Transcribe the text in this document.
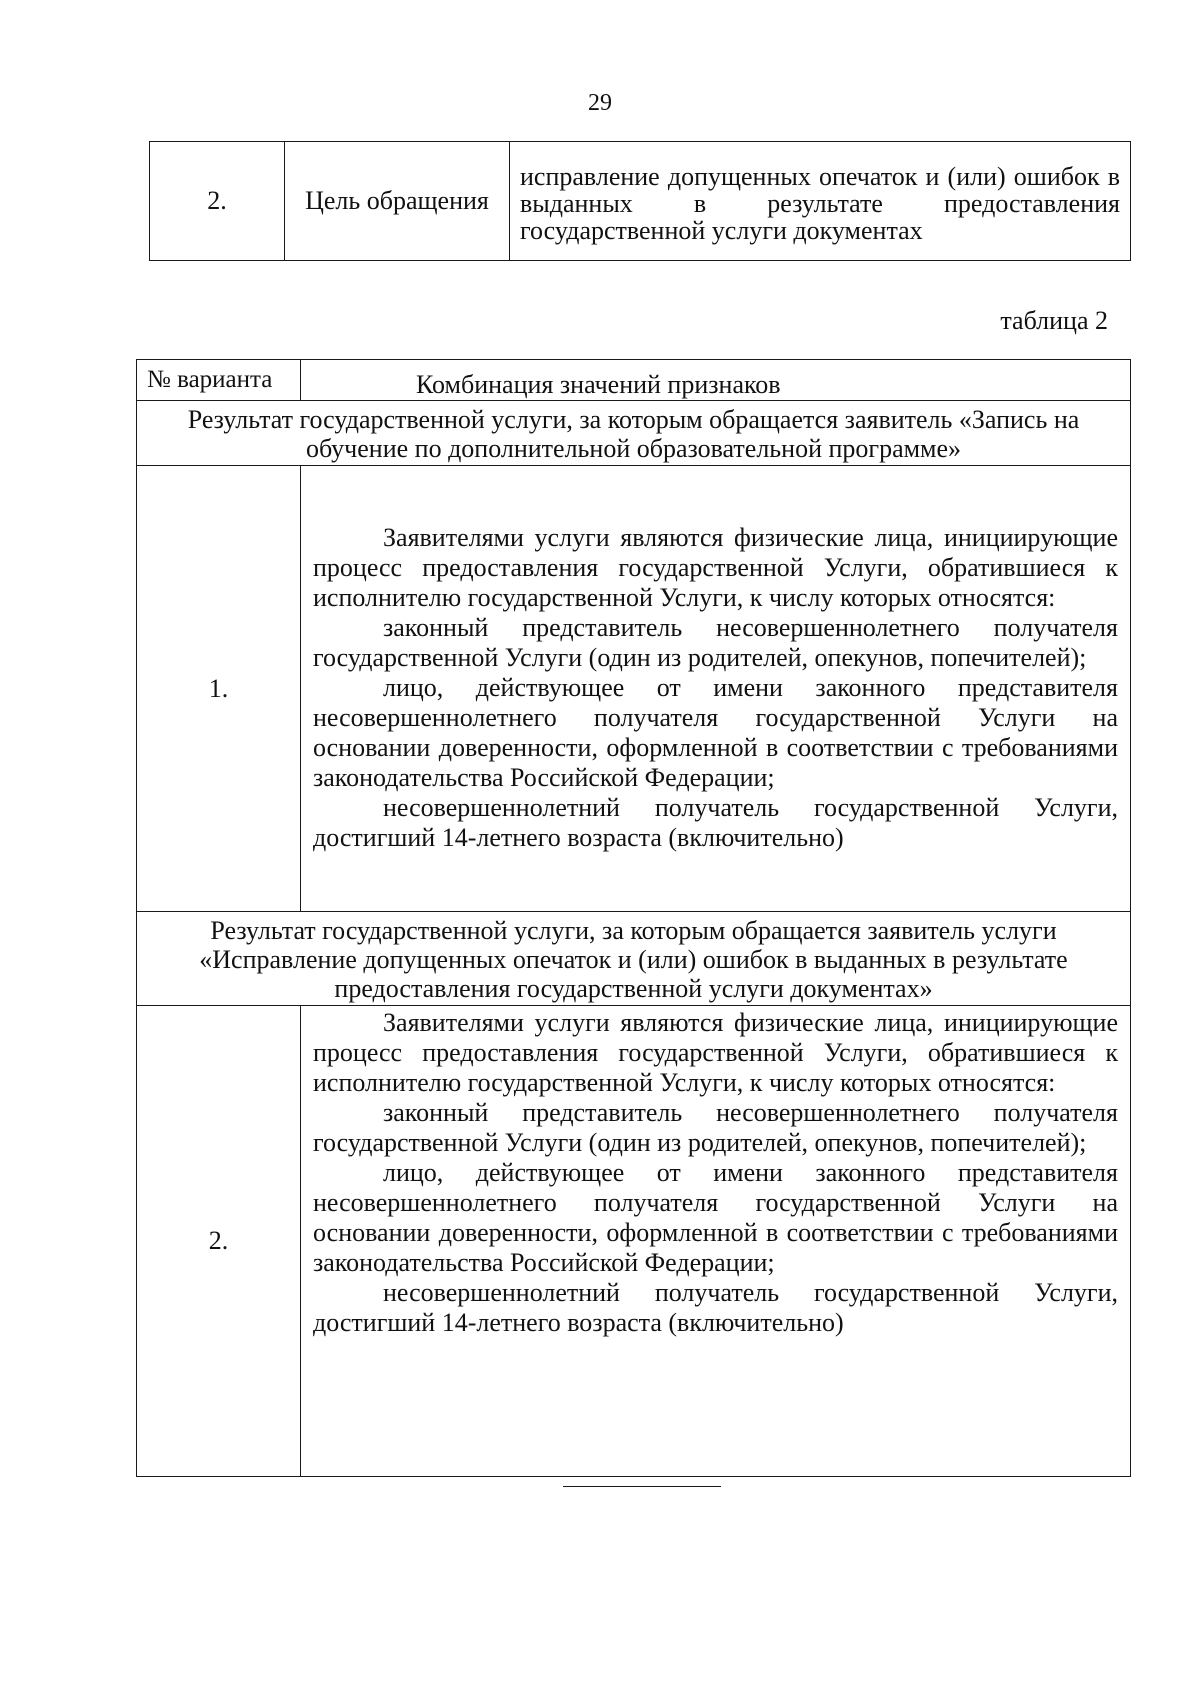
29
2.	Цель обращения	исправление допущенных опечаток и (или) ошибок в выданных в результате предоставления государственной услуги документах
таблица 2
№ варианта	Комбинация значений признаков
Результат государственной услуги, за которым обращается заявитель «Запись на обучение по дополнительной образовательной программе»	
1.	Заявителями услуги являются физические лица, инициирующие процесс предоставления государственной Услуги, обратившиеся к исполнителю государственной Услуги, к числу которых относятся:

законный представитель несовершеннолетнего получателя государственной Услуги (один из родителей, опекунов, попечителей);

лицо, действующее от имени законного представителя несовершеннолетнего получателя государственной Услуги на основании доверенности, оформленной в соответствии с требованиями законодательства Российской Федерации;

несовершеннолетний получатель государственной Услуги, достигший 14-летнего возраста (включительно)

Результат государственной услуги, за которым обращается заявитель услуги «Исправление допущенных опечаток и (или) ошибок в выданных в результате предоставления государственной услуги документах»	
2.	Заявителями услуги являются физические лица, инициирующие процесс предоставления государственной Услуги, обратившиеся к исполнителю государственной Услуги, к числу которых относятся:

законный представитель несовершеннолетнего получателя государственной Услуги (один из родителей, опекунов, попечителей);

лицо, действующее от имени законного представителя несовершеннолетнего получателя государственной Услуги на основании доверенности, оформленной в соответствии с требованиями законодательства Российской Федерации;

несовершеннолетний получатель государственной Услуги, достигший 14-летнего возраста (включительно)
